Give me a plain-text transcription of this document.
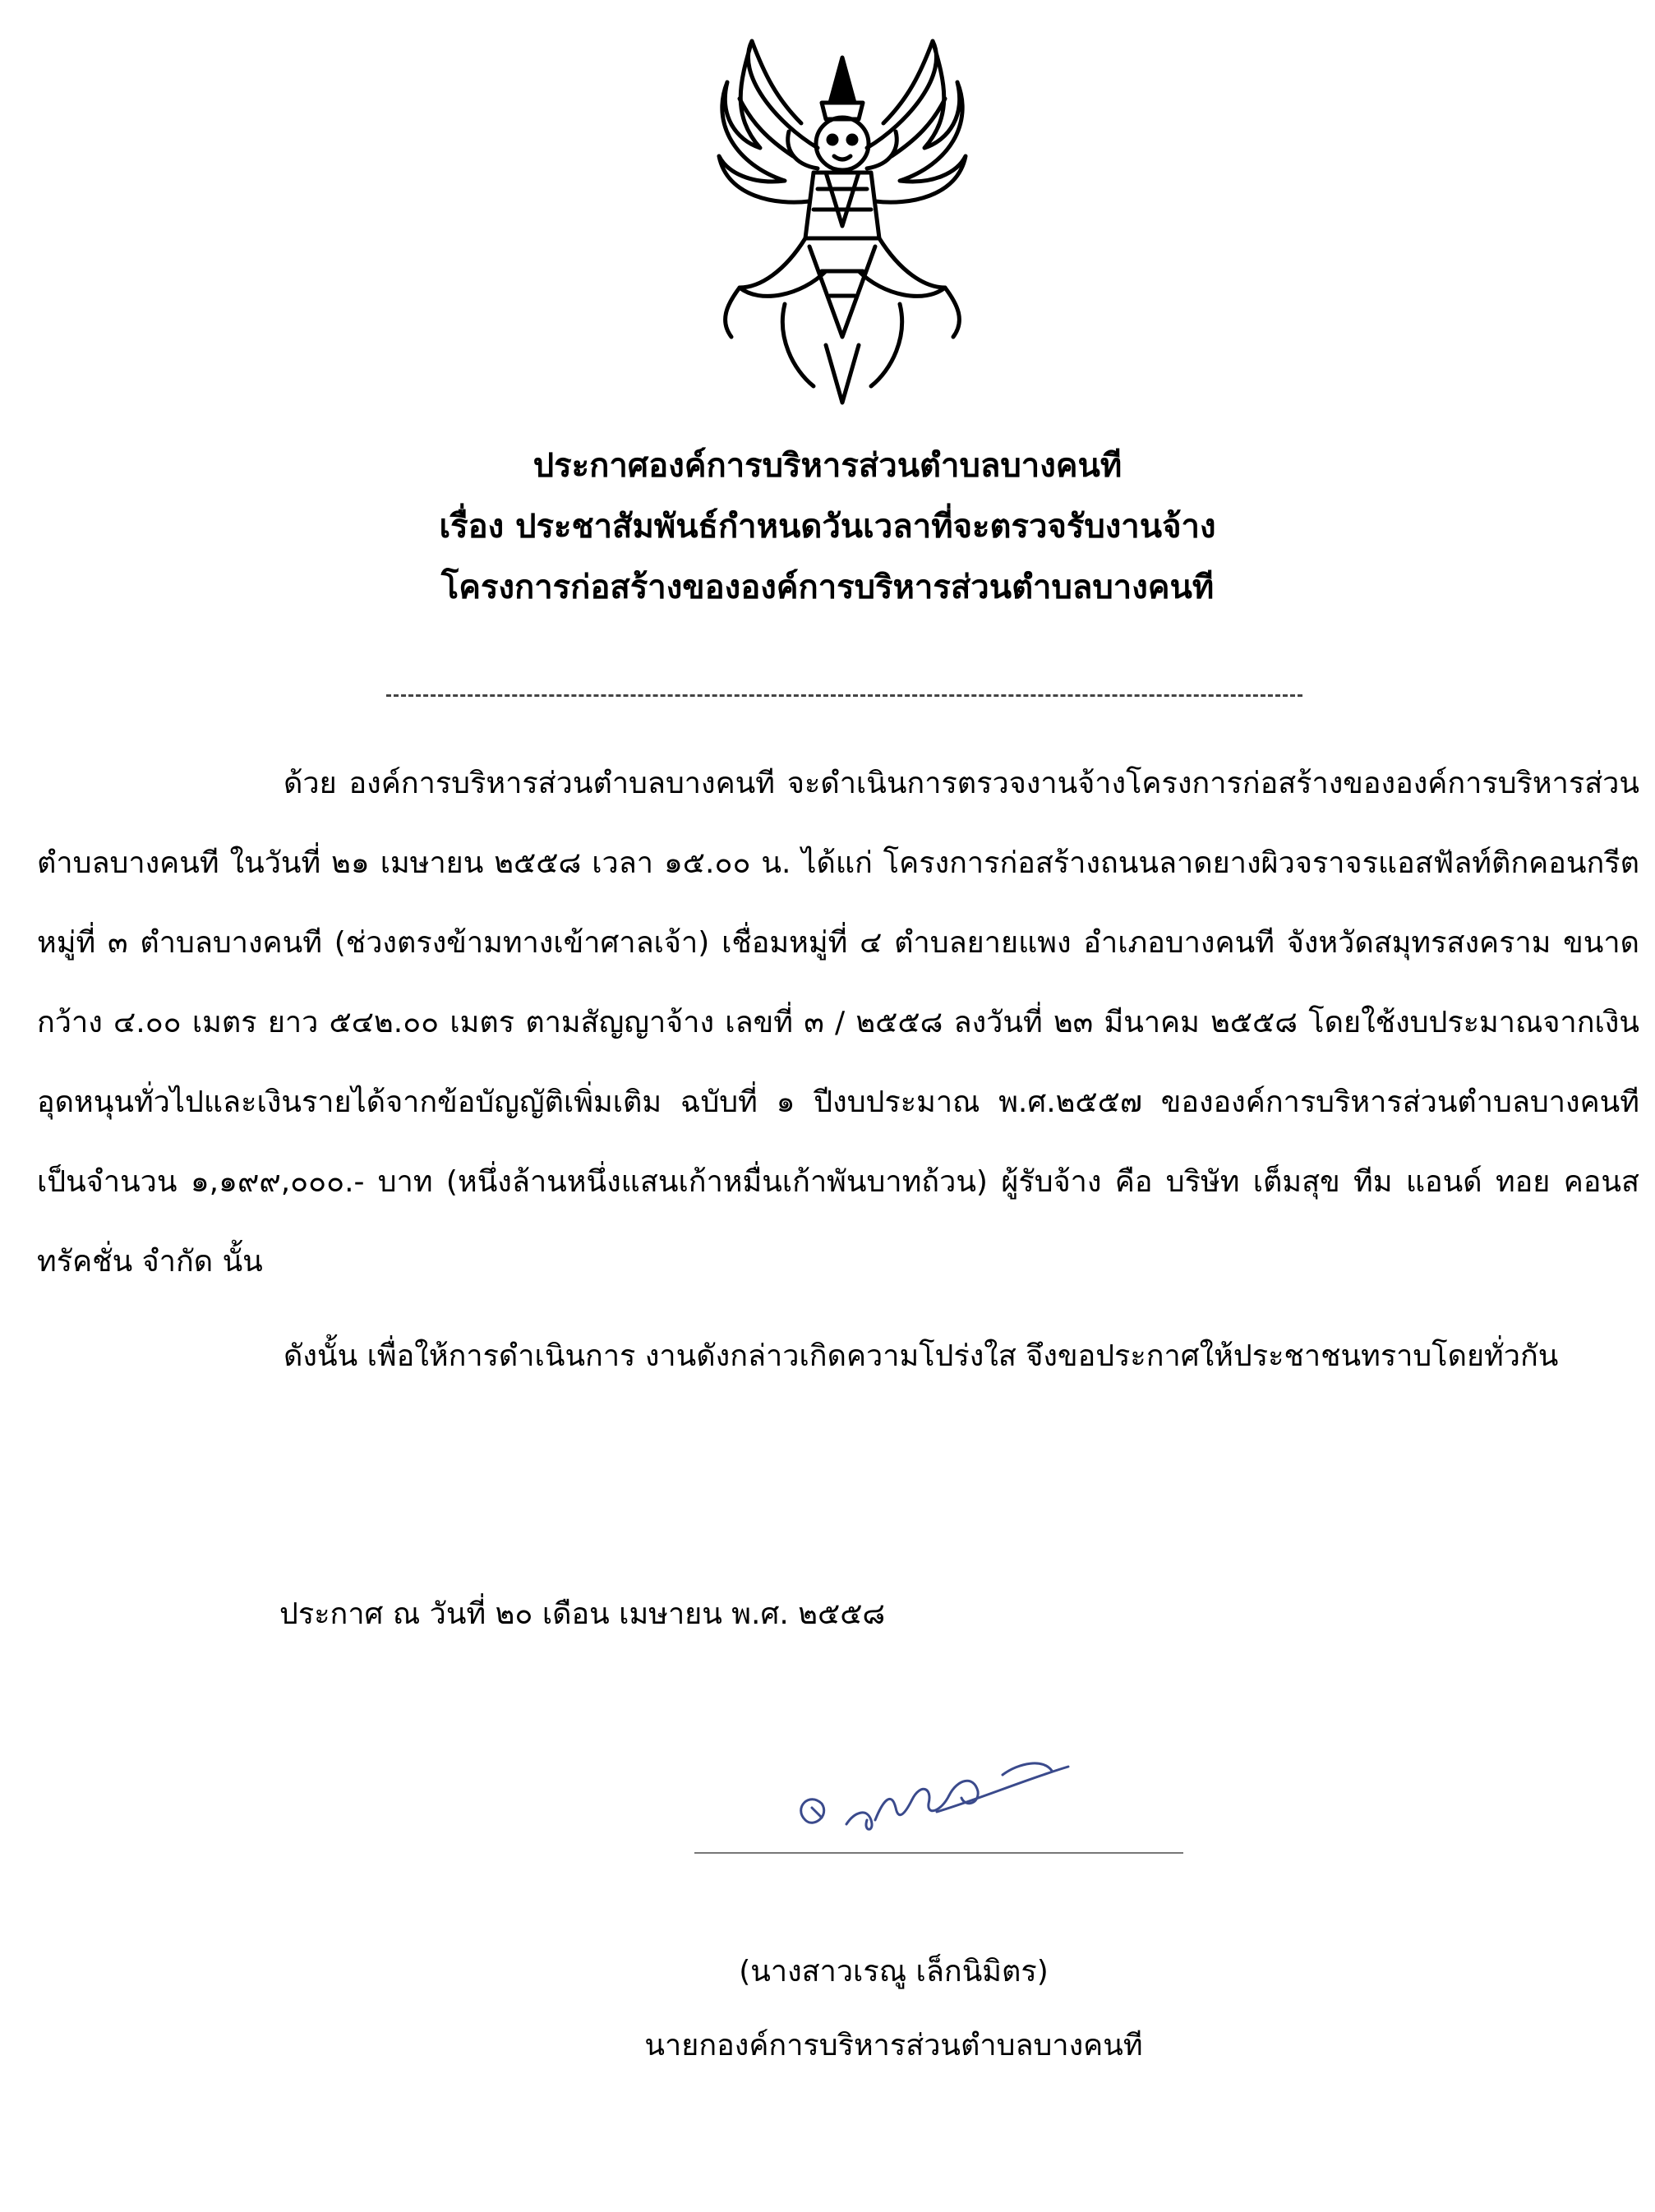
ประกาศองค์การบริหารส่วนตำบลบางคนที
เรื่อง ประชาสัมพันธ์กำหนดวันเวลาที่จะตรวจรับงานจ้าง
โครงการก่อสร้างขององค์การบริหารส่วนตำบลบางคนที

ด้วย องค์การบริหารส่วนตำบลบางคนที จะดำเนินการตรวจงานจ้างโครงการก่อสร้างขององค์การบริหารส่วนตำบลบางคนที ในวันที่ ๒๑ เมษายน ๒๕๕๘ เวลา ๑๕.๐๐ น. ได้แก่ โครงการก่อสร้างถนนลาดยางผิวจราจรแอสฟัลท์ติกคอนกรีต หมู่ที่ ๓ ตำบลบางคนที (ช่วงตรงข้ามทางเข้าศาลเจ้า) เชื่อมหมู่ที่ ๔ ตำบลยายแพง อำเภอบางคนที จังหวัดสมุทรสงคราม ขนาดกว้าง ๔.๐๐ เมตร ยาว ๕๔๒.๐๐ เมตร ตามสัญญาจ้าง เลขที่ ๓ / ๒๕๕๘ ลงวันที่ ๒๓ มีนาคม ๒๕๕๘ โดยใช้งบประมาณจากเงินอุดหนุนทั่วไปและเงินรายได้จากข้อบัญญัติเพิ่มเติม ฉบับที่ ๑ ปีงบประมาณ พ.ศ.๒๕๕๗ ขององค์การบริหารส่วนตำบลบางคนที เป็นจำนวน ๑,๑๙๙,๐๐๐.- บาท (หนึ่งล้านหนึ่งแสนเก้าหมื่นเก้าพันบาทถ้วน) ผู้รับจ้าง คือ บริษัท เต็มสุข ทีม แอนด์ ทอย คอนสทรัคชั่น จำกัด นั้น

ดังนั้น เพื่อให้การดำเนินการ งานดังกล่าวเกิดความโปร่งใส จึงขอประกาศให้ประชาชนทราบโดยทั่วกัน

ประกาศ ณ วันที่ ๒๐ เดือน เมษายน พ.ศ. ๒๕๕๘
(นางสาวเรณู เล็กนิมิตร)
นายกองค์การบริหารส่วนตำบลบางคนที
